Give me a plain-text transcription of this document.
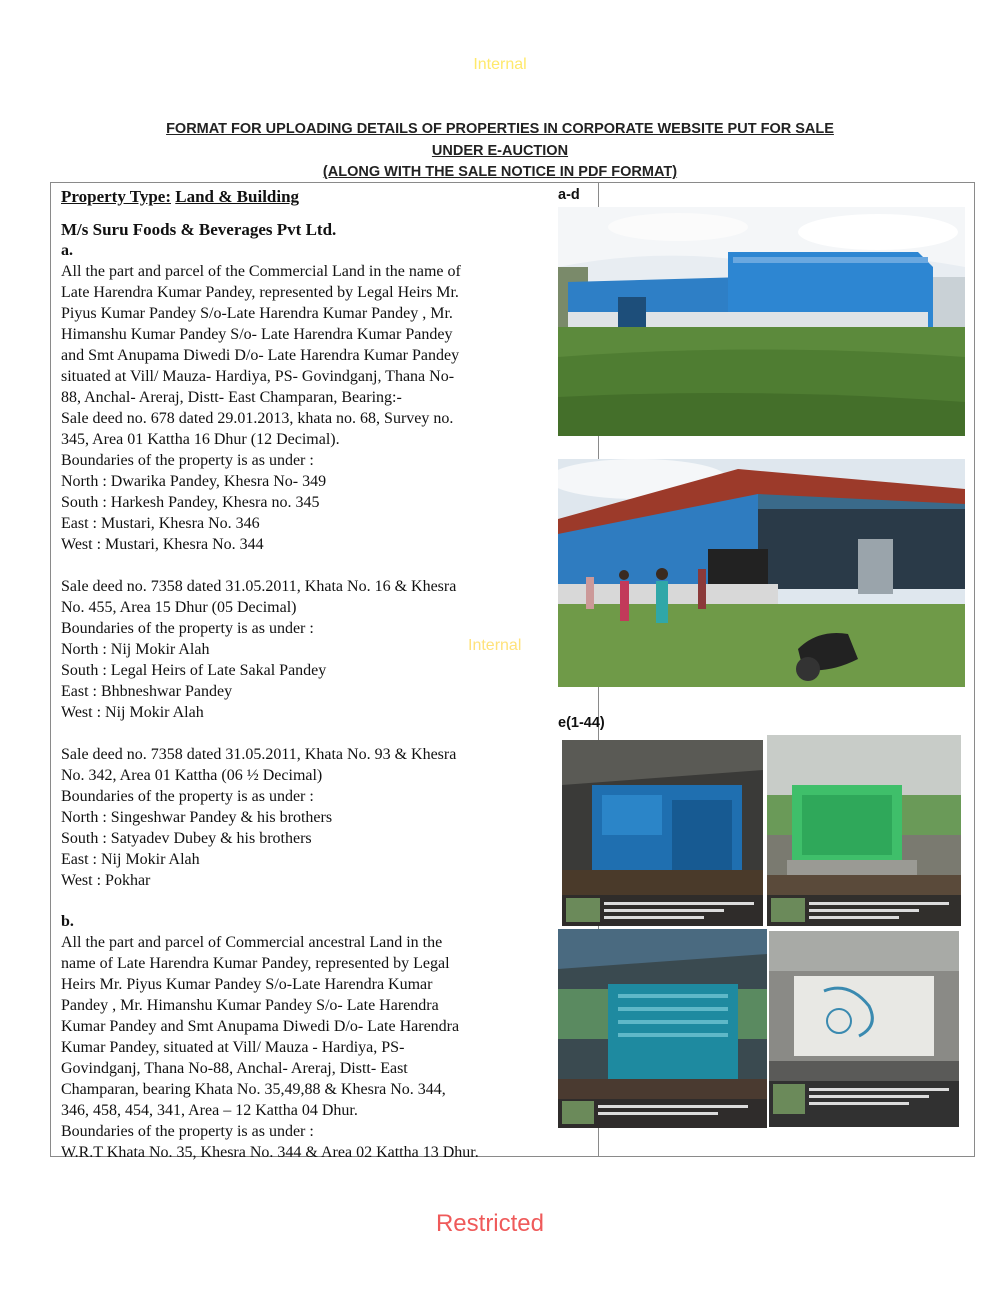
Internal
FORMAT FOR UPLOADING DETAILS OF PROPERTIES IN CORPORATE WEBSITE PUT FOR SALE
UNDER E-AUCTION
(ALONG WITH THE SALE NOTICE IN PDF FORMAT)
Property Type: Land & Building
M/s Suru Foods & Beverages Pvt Ltd.
a.
All the part and parcel of the Commercial Land in the name of
Late Harendra Kumar Pandey, represented by Legal Heirs Mr.
Piyus Kumar Pandey S/o-Late Harendra Kumar Pandey , Mr.
Himanshu Kumar Pandey S/o- Late Harendra Kumar Pandey
and Smt Anupama Diwedi D/o- Late Harendra Kumar Pandey
situated at Vill/ Mauza- Hardiya, PS- Govindganj, Thana No-
88, Anchal- Areraj, Distt- East Champaran, Bearing:-
Sale deed no. 678 dated 29.01.2013, khata no. 68, Survey no.
345, Area 01 Kattha 16 Dhur (12 Decimal).
Boundaries of the property is as under :
North : Dwarika Pandey, Khesra No- 349
South : Harkesh Pandey, Khesra no. 345
East : Mustari, Khesra No. 346
West : Mustari, Khesra No. 344
Sale deed no. 7358 dated 31.05.2011, Khata No. 16 & Khesra
No. 455, Area 15 Dhur (05 Decimal)
Boundaries of the property is as under :
North : Nij Mokir Alah
South : Legal Heirs of Late Sakal Pandey
East : Bhbneshwar Pandey
West : Nij Mokir Alah
Sale deed no. 7358 dated 31.05.2011, Khata No. 93 & Khesra
No. 342, Area 01 Kattha (06 ½ Decimal)
Boundaries of the property is as under :
North : Singeshwar Pandey & his brothers
South : Satyadev Dubey & his brothers
East : Nij Mokir Alah
West : Pokhar
b.
All the part and parcel of Commercial ancestral Land in the
name of Late Harendra Kumar Pandey, represented by Legal
Heirs Mr. Piyus Kumar Pandey S/o-Late Harendra Kumar
Pandey , Mr. Himanshu Kumar Pandey S/o- Late Harendra
Kumar Pandey and Smt Anupama Diwedi D/o- Late Harendra
Kumar Pandey, situated at Vill/ Mauza - Hardiya, PS-
Govindganj, Thana No-88, Anchal- Areraj, Distt- East
Champaran, bearing Khata No. 35,49,88 & Khesra No. 344,
346, 458, 454, 341, Area – 12 Kattha 04 Dhur.
Boundaries of the property is as under :
W.R.T Khata No. 35, Khesra No. 344 & Area 02 Kattha 13 Dhur.
a-d
e(1-44)
Internal
Restricted
